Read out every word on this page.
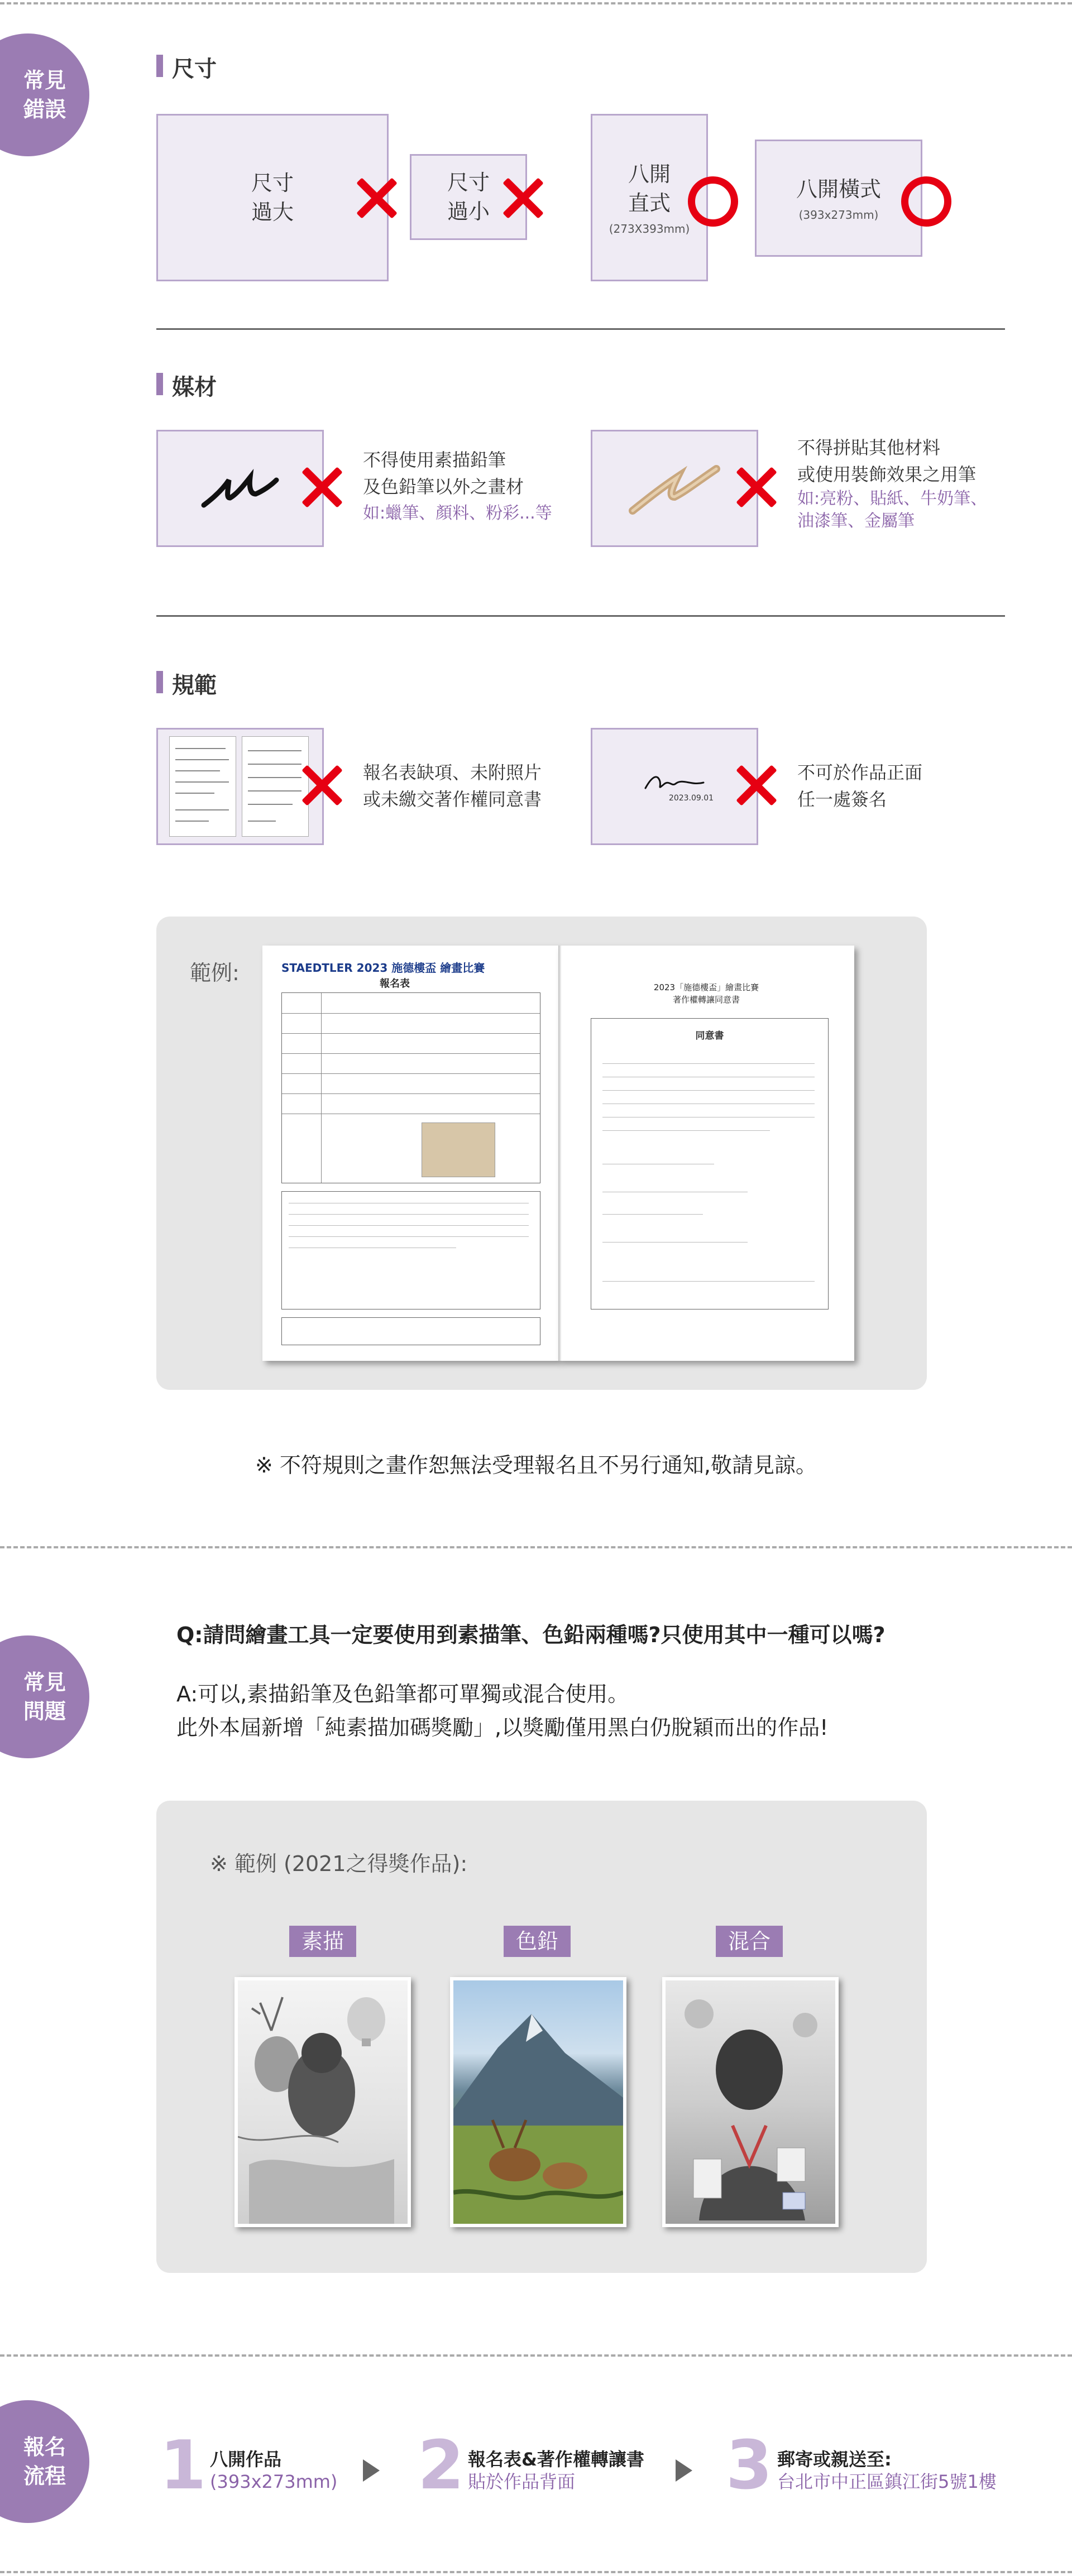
常見錯誤
尺寸
尺寸過大
尺寸過小
八開直式
(273X393mm)
八開橫式
(393x273mm)
媒材
不得使用素描鉛筆
及色鉛筆以外之畫材
如:蠟筆、顏料、粉彩...等
不得拼貼其他材料
或使用裝飾效果之用筆
如:亮粉、貼紙、牛奶筆、
油漆筆、金屬筆
規範
報名表缺項、未附照片
或未繳交著作權同意書	2023.09.01
不可於作品正面
任一處簽名
範例:	STAEDTLER 2023 施德樓盃 繪畫比賽
報名表	2023「施德樓盃」繪畫比賽
著作權轉讓同意書
同意書
※ 不符規則之畫作恕無法受理報名且不另行通知,敬請見諒。
常見問題
Q:請問繪畫工具一定要使用到素描筆、色鉛兩種嗎?只使用其中一種可以嗎?
A:可以,素描鉛筆及色鉛筆都可單獨或混合使用。
此外本屆新增「純素描加碼獎勵」,以獎勵僅用黑白仍脫穎而出的作品!
※ 範例 (2021之得獎作品):
素描	色鉛	混合
報名流程 1 八開作品
(393x273mm) 2 報名表&著作權轉讓書
貼於作品背面	3 郵寄或親送至:
台北市中正區鎮江街5號1樓
